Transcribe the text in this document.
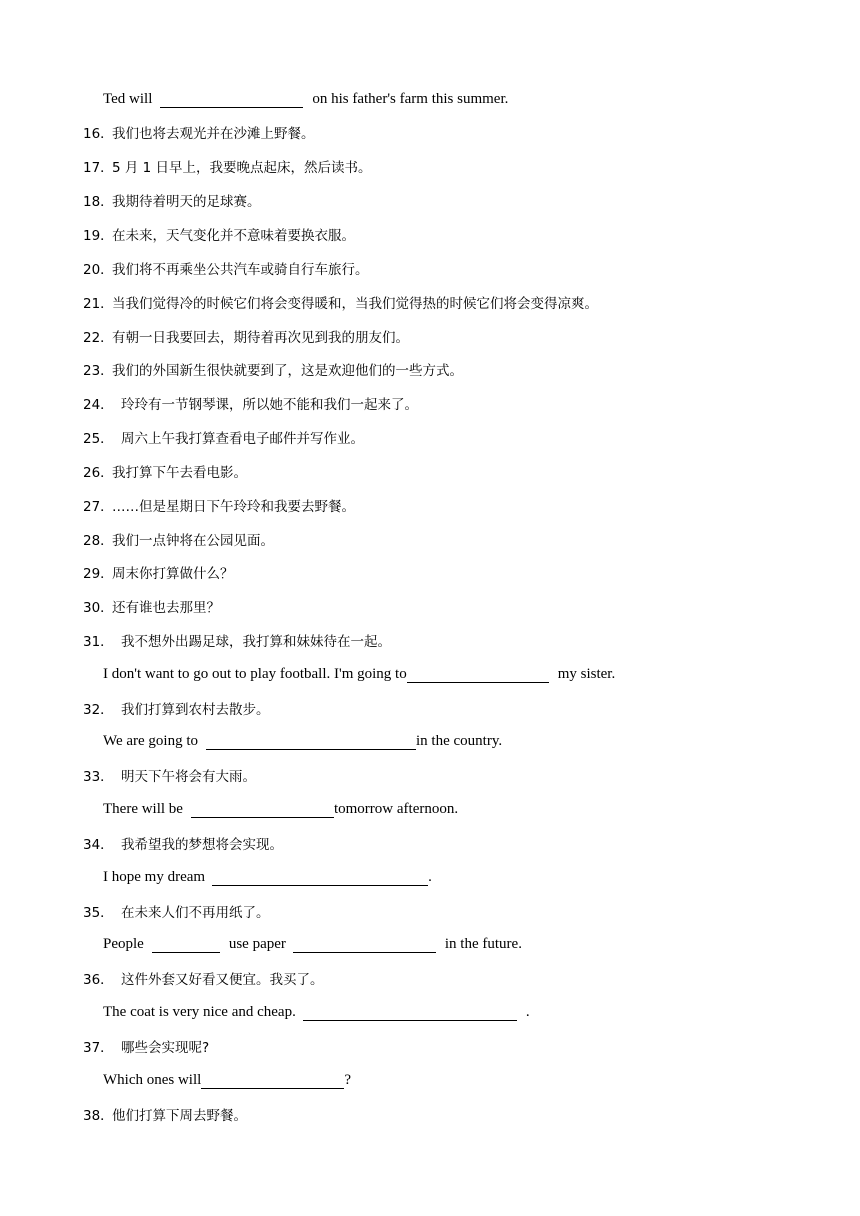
Ted will	on his father's farm this summer.
16．
我们也将去观光并在沙滩上野餐。
17．
5 月 1 日早上，我要晚点起床，然后读书。
18．
我期待着明天的足球赛。
19．
在未来，天气变化并不意味着要换衣服。
20．
我们将不再乘坐公共汽车或骑自行车旅行。
21．
当我们觉得冷的时候它们将会变得暖和，当我们觉得热的时候它们将会变得凉爽。
22．
有朝一日我要回去，期待着再次见到我的朋友们。
23．
我们的外国新生很快就要到了，这是欢迎他们的一些方式。
24． 玲玲有一节钢琴课，所以她不能和我们一起来了。
25． 周六上午我打算查看电子邮件并写作业。
26．
我打算下午去看电影。
27．
……但是星期日下午玲玲和我要去野餐。
28．
我们一点钟将在公园见面。
29．
周末你打算做什么？
30．
还有谁也去那里？
31． 我不想外出踢足球，我打算和妹妹待在一起。
I don't want to go out to play football. I'm going to	my sister.
32． 我们打算到农村去散步。
We are going to	in the country.
33． 明天下午将会有大雨。
There will be	tomorrow afternoon.
34． 我希望我的梦想将会实现。
I hope my dream	.
35． 在未来人们不再用纸了。
People	use paper	in the future.
36． 这件外套又好看又便宜。我买了。
The coat is very nice and cheap.	.
37． 哪些会实现呢?
Which ones will	?
38．
他们打算下周去野餐。
